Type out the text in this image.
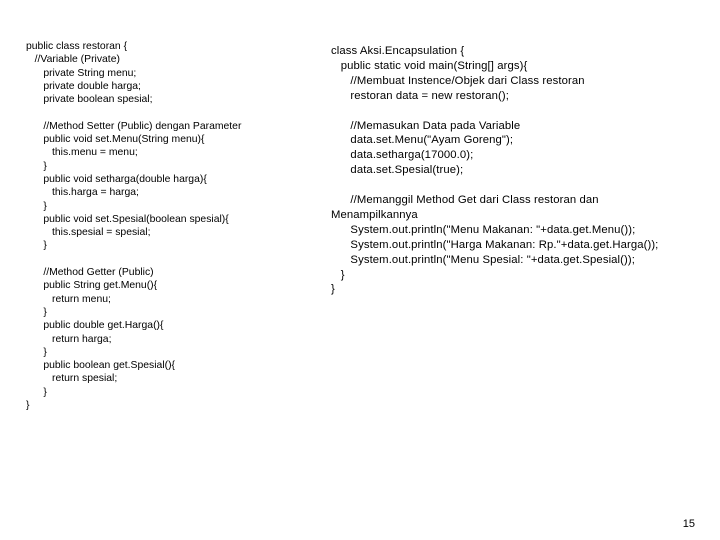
public class restoran {
//Variable (Private)
private String menu;
private double harga;
private boolean spesial;
//Method Setter (Public) dengan Parameter
public void set.Menu(String menu){
this.menu = menu;
}
public void setharga(double harga){
this.harga = harga;
}
public void set.Spesial(boolean spesial){
this.spesial = spesial;
}
//Method Getter (Public)
public String get.Menu(){
return menu;
}
public double get.Harga(){
return harga;
}
public boolean get.Spesial(){
return spesial;
}
}
class Aksi.Encapsulation {
public static void main(String[] args){
//Membuat Instence/Objek dari Class restoran
restoran data = new restoran();
//Memasukan Data pada Variable
data.set.Menu("Ayam Goreng");
data.setharga(17000.0);
data.set.Spesial(true);
//Memanggil Method Get dari Class restoran dan
Menampilkannya
System.out.println("Menu Makanan: "+data.get.Menu());
System.out.println("Harga Makanan: Rp."+data.get.Harga());
System.out.println("Menu Spesial: "+data.get.Spesial());
}
}
15
